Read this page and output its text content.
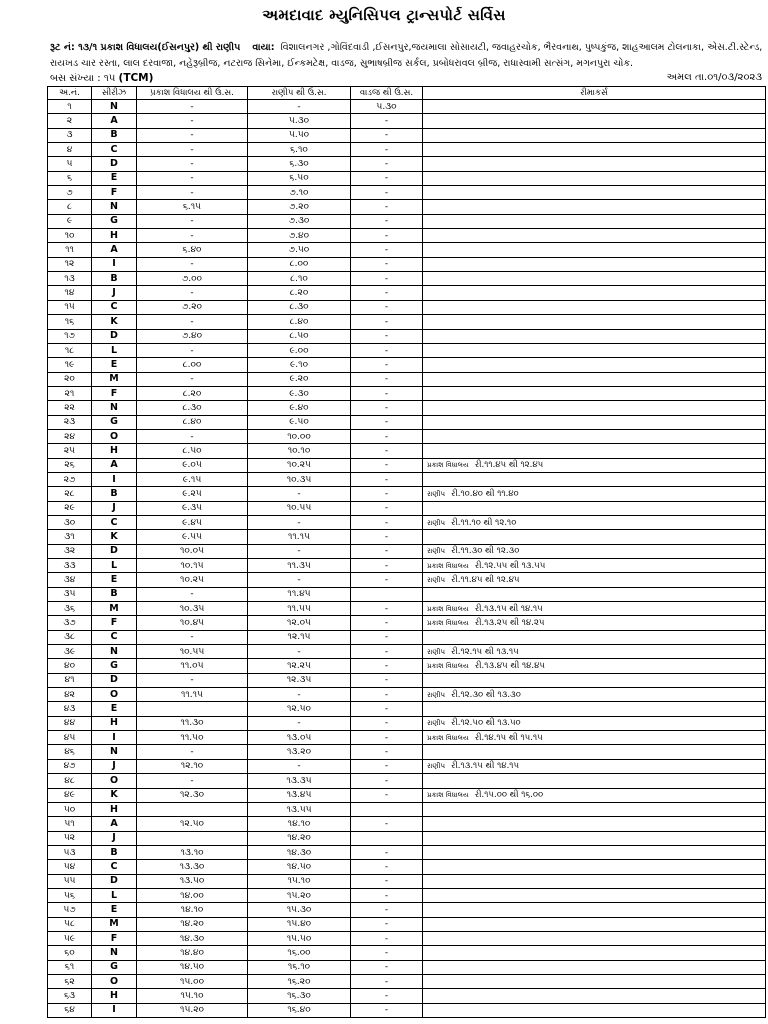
અમદાવાદ મ્યુનિસિપલ ટ્રાન્સપોર્ટ સર્વિસ
રૂટ નં: ૧૩/૧ પ્રકાશ વિધાલય(ઈસનપુર) થી રાણીપ વાયા: વિશાલનગર ,ગોવિંદવાડી ,ઈસનપુર,જયમાલા સોસાયટી, જવાહરચોક, ભૈરવનાથ, પુષ્પકુંજ, શાહઆલમ ટોલનાકા, એસ.ટી.સ્ટેન્ડ, રાયખડ ચાર રસ્તા, લાલ દરવાજા, નહેરૂબ્રીજ, નટરાજ સિનેમા, ઈન્કમટેક્ષ, વાડજ, સુભાષબ્રીજ સર્કલ, પ્રબોધરાવલ બ્રીજ, રાધાસ્વામી સત્સંગ, મગનપુરા ચોક.
બસ સંખ્યા : ૧૫ (TCM)	અમલ તા.૦૧/૦૩/૨૦૨૩
અ.નં.	સીરીઝ	પ્રકાશ વિધાલય થી ઉ.સ.	રાણીપ થી ઉ.સ.	વાડજ થી ઉ.સ.	રીમાકર્સ
૧	N	-	-	૫.૩૦	
૨	A	-	૫.૩૦	-	
૩	B	-	૫.૫૦	-	
૪	C	-	૬.૧૦	-	
૫	D	-	૬.૩૦	-	
૬	E	-	૬.૫૦	-	
૭	F	-	૭.૧૦	-	
૮	N	૬.૧૫	૭.૨૦	-	
૯	G	-	૭.૩૦	-	
૧૦	H	-	૭.૪૦	-	
૧૧	A	૬.૪૦	૭.૫૦	-	
૧૨	I	-	૮.૦૦	-	
૧૩	B	૭.૦૦	૮.૧૦	-	
૧૪	J	-	૮.૨૦	-	
૧૫	C	૭.૨૦	૮.૩૦	-	
૧૬	K	-	૮.૪૦	-	
૧૭	D	૭.૪૦	૮.૫૦	-	
૧૮	L	-	૯.૦૦	-	
૧૯	E	૮.૦૦	૯.૧૦	-	
૨૦	M	-	૯.૨૦	-	
૨૧	F	૮.૨૦	૯.૩૦	-	
૨૨	N	૮.૩૦	૯.૪૦	-	
૨૩	G	૮.૪૦	૯.૫૦	-	
૨૪	O	-	૧૦.૦૦	-	
૨૫	H	૮.૫૦	૧૦.૧૦	-	
૨૬	A	૯.૦૫	૧૦.૨૫	-	પ્રકાશ વિધાલય રી.૧૧.૪૫ થી ૧૨.૪૫
૨૭	I	૯.૧૫	૧૦.૩૫	-	
૨૮	B	૯.૨૫	-	-	રાણીપ રી.૧૦.૪૦ થી ૧૧.૪૦
૨૯	J	૯.૩૫	૧૦.૫૫	-	
૩૦	C	૯.૪૫	-	-	રાણીપ રી.૧૧.૧૦ થી ૧૨.૧૦
૩૧	K	૯.૫૫	૧૧.૧૫	-	
૩૨	D	૧૦.૦૫	-	-	રાણીપ રી.૧૧.૩૦ થી ૧૨.૩૦
૩૩	L	૧૦.૧૫	૧૧.૩૫	-	પ્રકાશ વિધાલય રી.૧૨.૫૫ થી ૧૩.૫૫
૩૪	E	૧૦.૨૫	-	-	રાણીપ રી.૧૧.૪૫ થી ૧૨.૪૫
૩૫	B	-	૧૧.૪૫		
૩૬	M	૧૦.૩૫	૧૧.૫૫	-	પ્રકાશ વિધાલય રી.૧૩.૧૫ થી ૧૪.૧૫
૩૭	F	૧૦.૪૫	૧૨.૦૫	-	પ્રકાશ વિધાલય રી.૧૩.૨૫ થી ૧૪.૨૫
૩૮	C	-	૧૨.૧૫	-	
૩૯	N	૧૦.૫૫	-	-	રાણીપ રી.૧૨.૧૫ થી ૧૩.૧૫
૪૦	G	૧૧.૦૫	૧૨.૨૫	-	પ્રકાશ વિધાલય રી.૧૩.૪૫ થી ૧૪.૪૫
૪૧	D	-	૧૨.૩૫	-	
૪૨	O	૧૧.૧૫	-	-	રાણીપ રી.૧૨.૩૦ થી ૧૩.૩૦
૪૩	E		૧૨.૫૦	-	
૪૪	H	૧૧.૩૦	-	-	રાણીપ રી.૧૨.૫૦ થી ૧૩.૫૦
૪૫	I	૧૧.૫૦	૧૩.૦૫	-	પ્રકાશ વિધાલય રી.૧૪.૧૫ થી ૧૫.૧૫
૪૬	N	-	૧૩.૨૦	-	
૪૭	J	૧૨.૧૦	-	-	રાણીપ રી.૧૩.૧૫ થી ૧૪.૧૫
૪૮	O	-	૧૩.૩૫	-	
૪૯	K	૧૨.૩૦	૧૩.૪૫	-	પ્રકાશ વિધાલય રી.૧૫.૦૦ થી ૧૬.૦૦
૫૦	H		૧૩.૫૫		
૫૧	A	૧૨.૫૦	૧૪.૧૦	-	
૫૨	J		૧૪.૨૦		
૫૩	B	૧૩.૧૦	૧૪.૩૦	-	
૫૪	C	૧૩.૩૦	૧૪.૫૦	-	
૫૫	D	૧૩.૫૦	૧૫.૧૦	-	
૫૬	L	૧૪.૦૦	૧૫.૨૦	-	
૫૭	E	૧૪.૧૦	૧૫.૩૦	-	
૫૮	M	૧૪.૨૦	૧૫.૪૦	-	
૫૯	F	૧૪.૩૦	૧૫.૫૦	-	
૬૦	N	૧૪.૪૦	૧૬.૦૦	-	
૬૧	G	૧૪.૫૦	૧૬.૧૦	-	
૬૨	O	૧૫.૦૦	૧૬.૨૦	-	
૬૩	H	૧૫.૧૦	૧૬.૩૦	-	
૬૪	I	૧૫.૨૦	૧૬.૪૦	-	
